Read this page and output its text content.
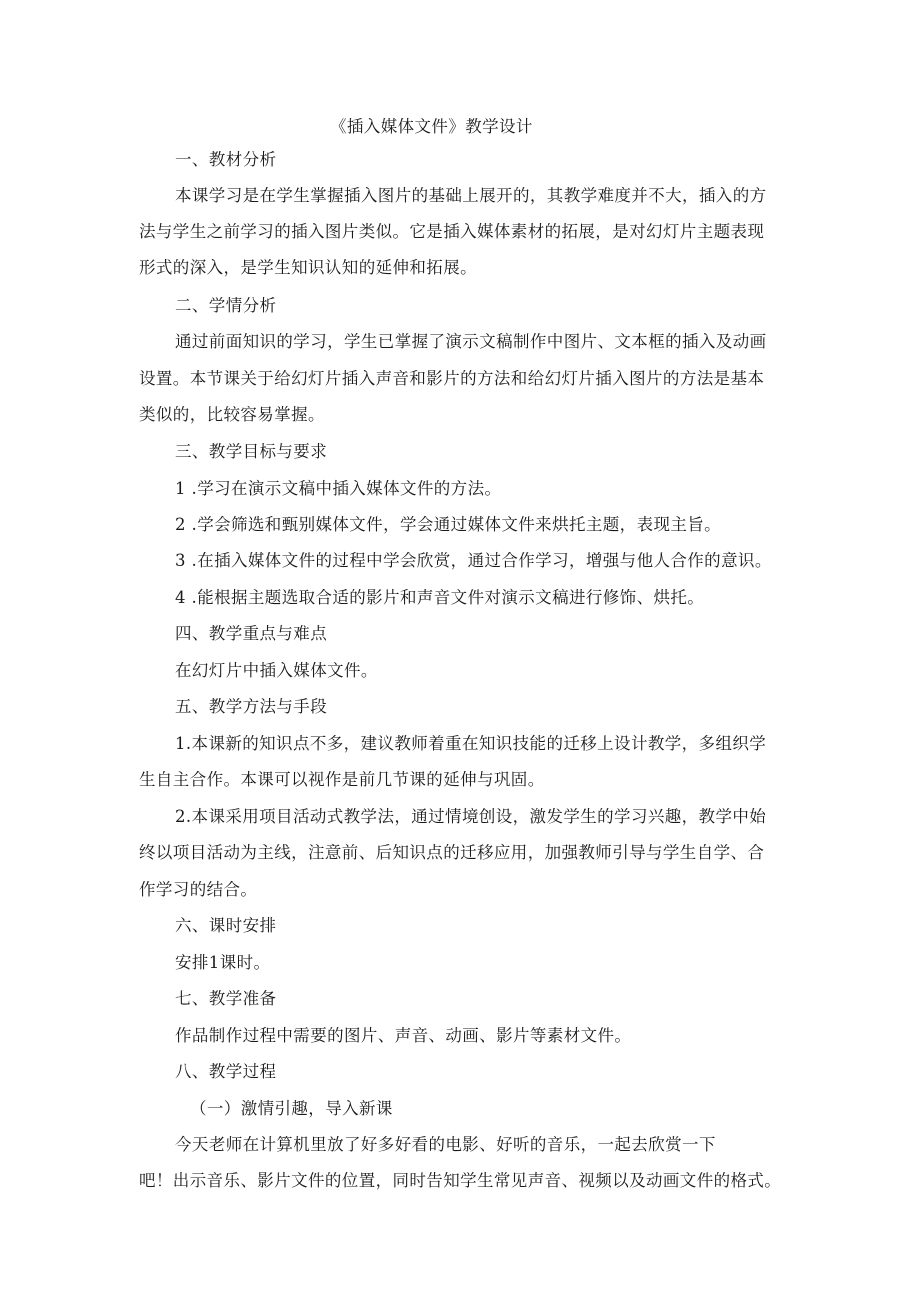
《插入媒体文件》教学设计
一、教材分析
本课学习是在学生掌握插入图片的基础上展开的，其教学难度并不大，插入的方
法与学生之前学习的插入图片类似。它是插入媒体素材的拓展，是对幻灯片主题表现
形式的深入，是学生知识认知的延伸和拓展。
二、学情分析
通过前面知识的学习，学生已掌握了演示文稿制作中图片、文本框的插入及动画
设置。本节课关于给幻灯片插入声音和影片的方法和给幻灯片插入图片的方法是基本
类似的，比较容易掌握。
三、教学目标与要求
1 .学习在演示文稿中插入媒体文件的方法。
2 .学会筛选和甄别媒体文件，学会通过媒体文件来烘托主题，表现主旨。
3 .在插入媒体文件的过程中学会欣赏，通过合作学习，增强与他人合作的意识。
4 .能根据主题选取合适的影片和声音文件对演示文稿进行修饰、烘托。
四、教学重点与难点
在幻灯片中插入媒体文件。
五、教学方法与手段
1.本课新的知识点不多，建议教师着重在知识技能的迁移上设计教学，多组织学
生自主合作。本课可以视作是前几节课的延伸与巩固。
2.本课采用项目活动式教学法，通过情境创设，激发学生的学习兴趣，教学中始
终以项目活动为主线，注意前、后知识点的迁移应用，加强教师引导与学生自学、合
作学习的结合。
六、课时安排
安排1课时。
七、教学准备
作品制作过程中需要的图片、声音、动画、影片等素材文件。
八、教学过程
（一）激情引趣，导入新课
今天老师在计算机里放了好多好看的电影、好听的音乐，一起去欣赏一下
吧！出示音乐、影片文件的位置，同时告知学生常见声音、视频以及动画文件的格式。
